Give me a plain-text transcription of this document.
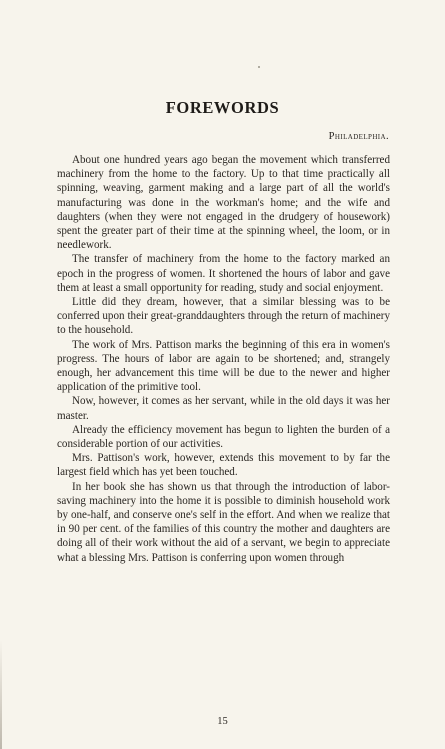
FOREWORDS
Philadelphia.

About one hundred years ago began the movement which transferred machinery from the home to the factory. Up to that time practically all spinning, weaving, garment making and a large part of all the world's manufacturing was done in the workman's home; and the wife and daughters (when they were not engaged in the drudgery of housework) spent the greater part of their time at the spinning wheel, the loom, or in needlework.

The transfer of machinery from the home to the factory marked an epoch in the progress of women. It shortened the hours of labor and gave them at least a small opportunity for reading, study and social enjoyment.

Little did they dream, however, that a similar blessing was to be conferred upon their great-granddaughters through the return of machinery to the household.

The work of Mrs. Pattison marks the beginning of this era in women's progress. The hours of labor are again to be shortened; and, strangely enough, her advancement this time will be due to the newer and higher application of the primitive tool.

Now, however, it comes as her servant, while in the old days it was her master.

Already the efficiency movement has begun to lighten the burden of a considerable portion of our activities.

Mrs. Pattison's work, however, extends this movement to by far the largest field which has yet been touched.

In her book she has shown us that through the introduction of labor-saving machinery into the home it is possible to diminish household work by one-half, and conserve one's self in the effort. And when we realize that in 90 per cent. of the families of this country the mother and daughters are doing all of their work without the aid of a servant, we begin to appreciate what a blessing Mrs. Pattison is conferring upon women through

15
